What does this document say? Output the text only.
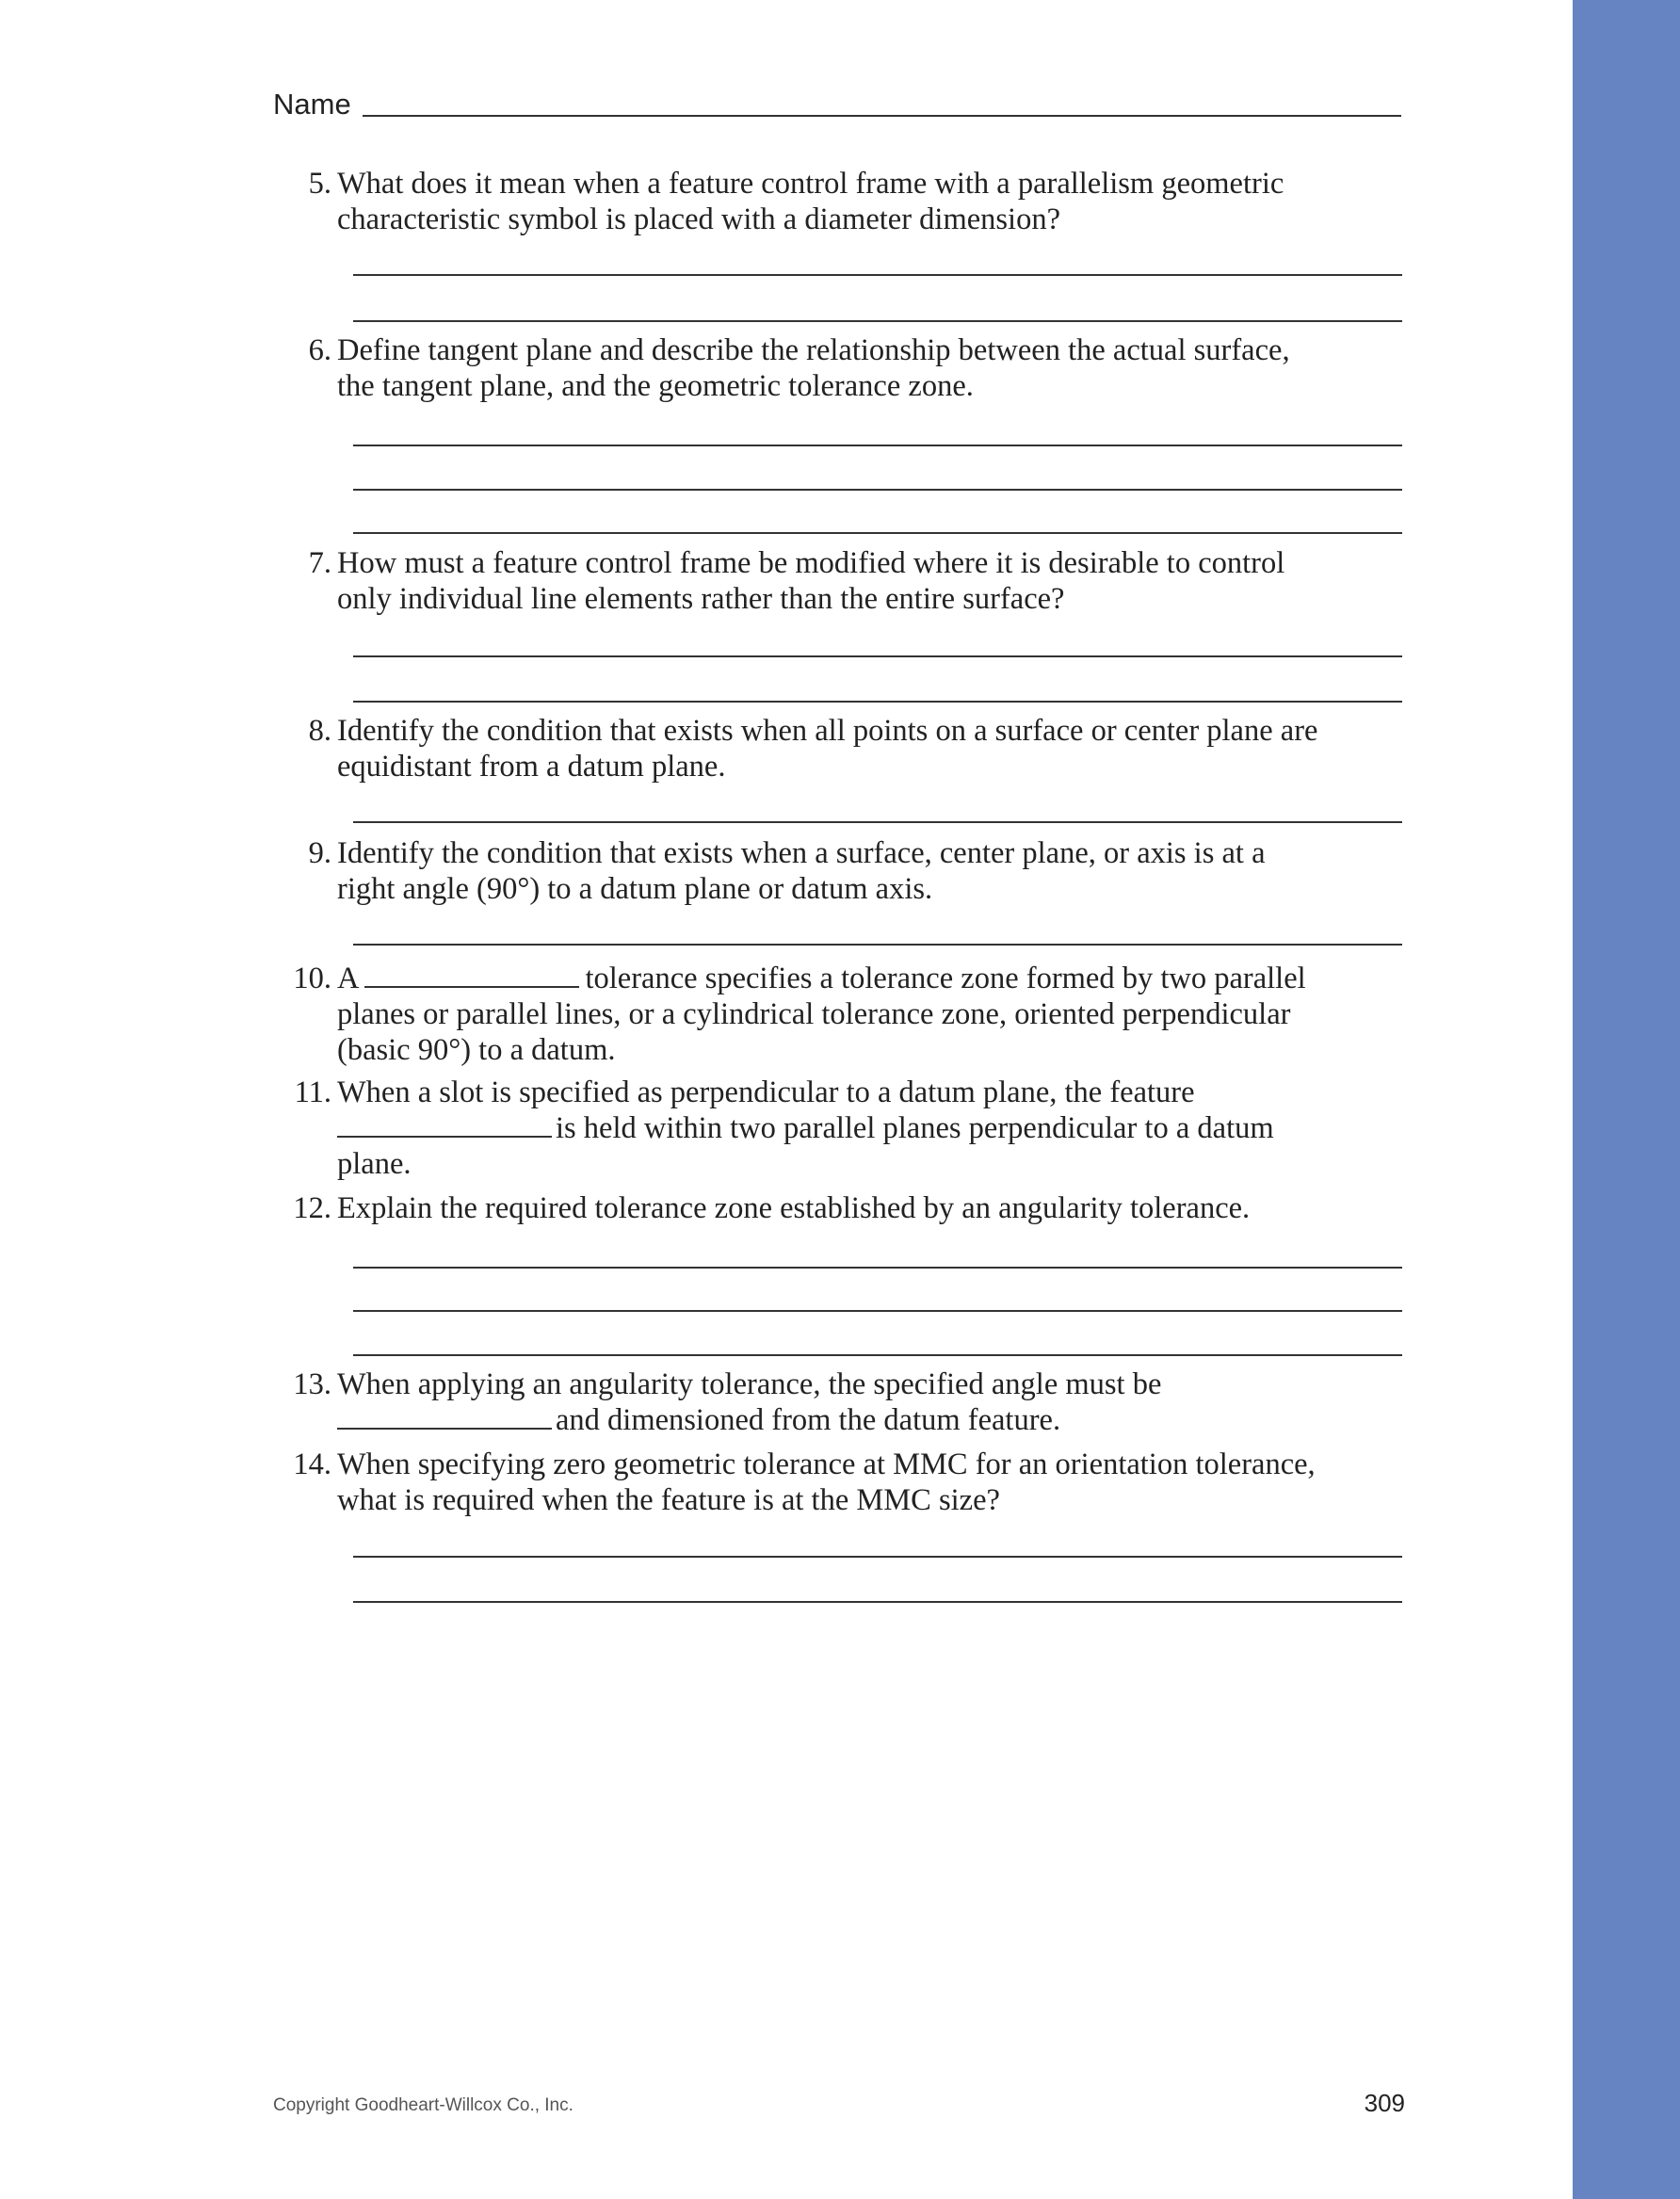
Name
5. What does it mean when a feature control frame with a parallelism geometric
characteristic symbol is placed with a diameter dimension?
6. Define tangent plane and describe the relationship between the actual surface,
the tangent plane, and the geometric tolerance zone.
7. How must a feature control frame be modified where it is desirable to control
only individual line elements rather than the entire surface?
8. Identify the condition that exists when all points on a surface or center plane are
equidistant from a datum plane.
9. Identify the condition that exists when a surface, center plane, or axis is at a
right angle (90°) to a datum plane or datum axis.
10. A	tolerance specifies a tolerance zone formed by two parallel
planes or parallel lines, or a cylindrical tolerance zone, oriented perpendicular
(basic 90°) to a datum.
11. When a slot is specified as perpendicular to a datum plane, the feature
is held within two parallel planes perpendicular to a datum
plane.
12. Explain the required tolerance zone established by an angularity tolerance.
13. When applying an angularity tolerance, the specified angle must be
and dimensioned from the datum feature.
14. When specifying zero geometric tolerance at MMC for an orientation tolerance,
what is required when the feature is at the MMC size?
Copyright Goodheart-Willcox Co., Inc.	309
